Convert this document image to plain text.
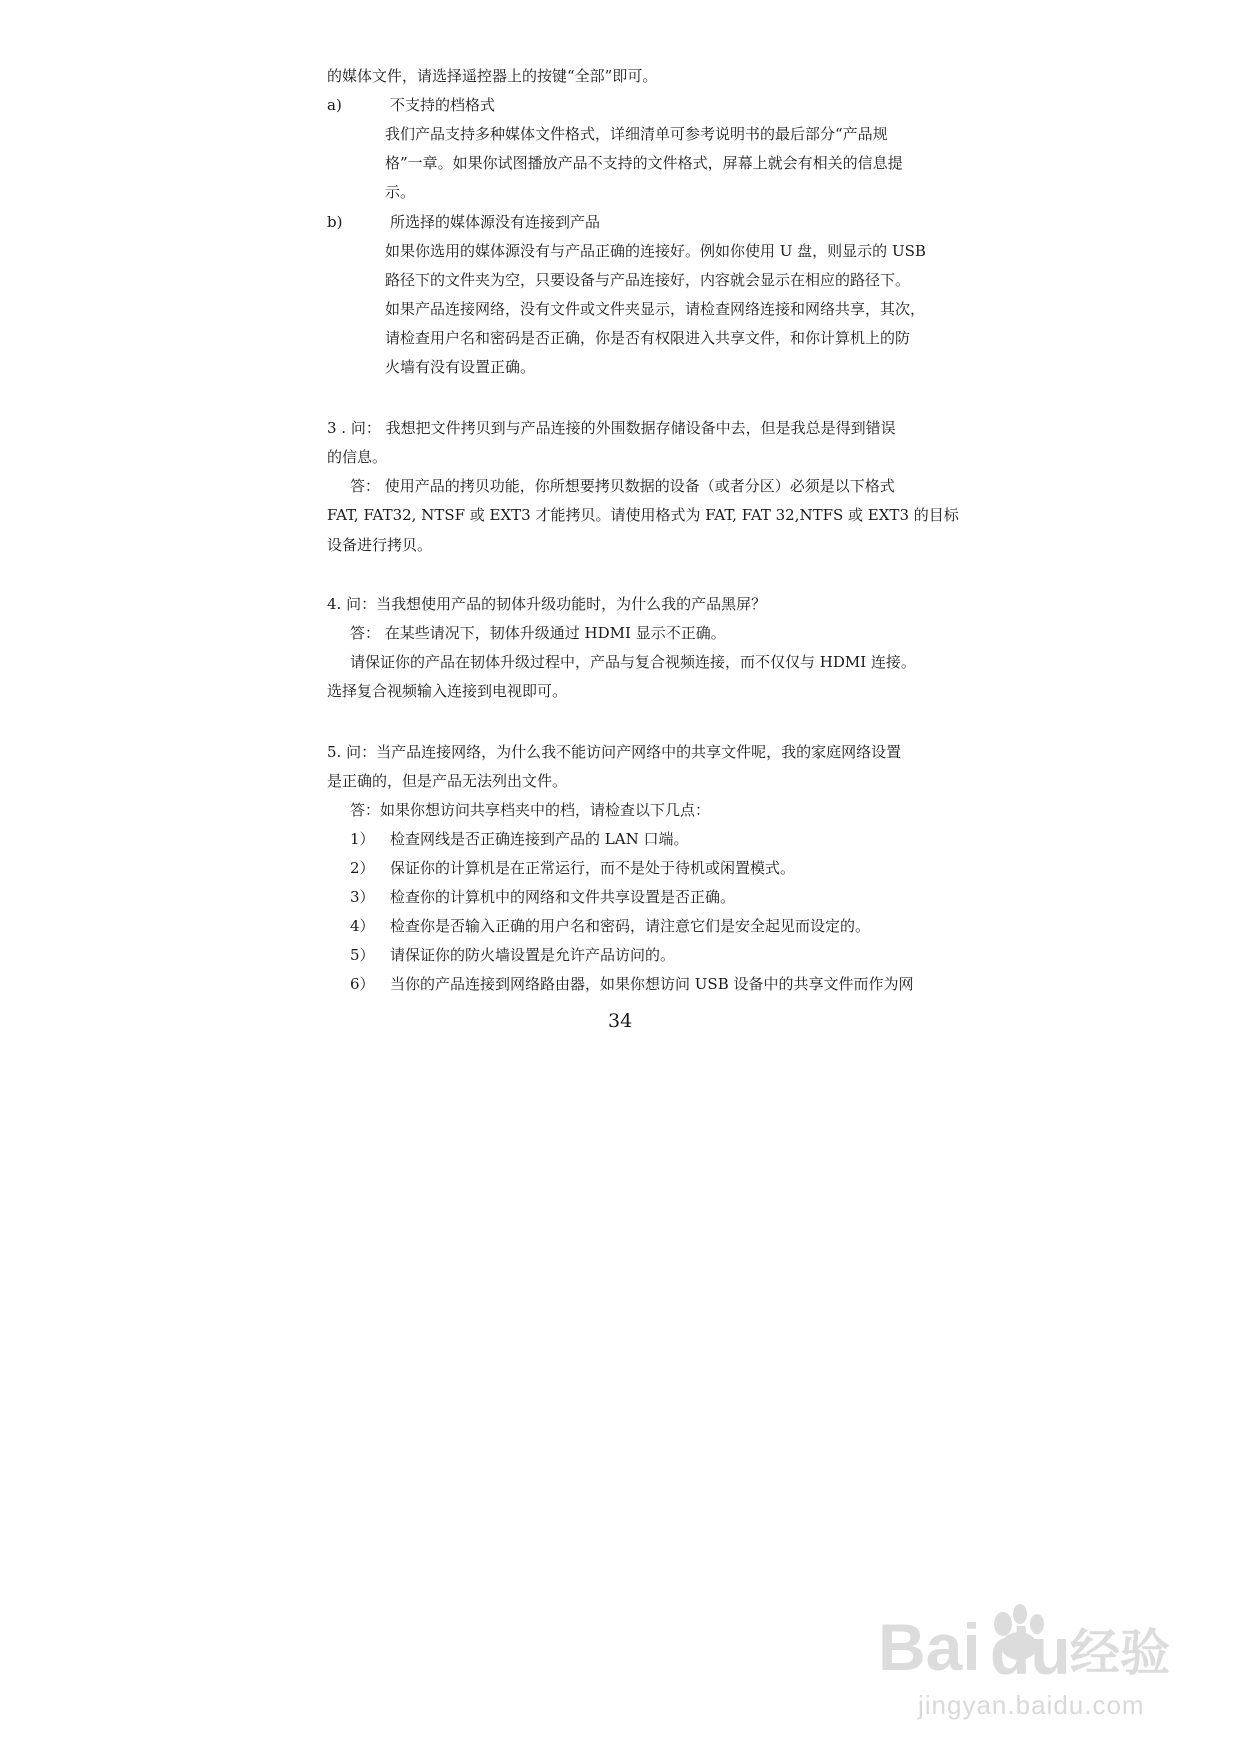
的媒体文件，请选择遥控器上的按键“全部”即可。
a)	不支持的档格式
我们产品支持多种媒体文件格式，详细清单可参考说明书的最后部分“产品规
格”一章。如果你试图播放产品不支持的文件格式，屏幕上就会有相关的信息提
示。
b)	所选择的媒体源没有连接到产品
如果你选用的媒体源没有与产品正确的连接好。例如你使用 U 盘，则显示的 USB
路径下的文件夹为空，只要设备与产品连接好，内容就会显示在相应的路径下。
如果产品连接网络，没有文件或文件夹显示，请检查网络连接和网络共享，其次，
请检查用户名和密码是否正确，你是否有权限进入共享文件，和你计算机上的防
火墙有没有设置正确。
3 . 问： 我想把文件拷贝到与产品连接的外围数据存储设备中去，但是我总是得到错误
的信息。
答： 使用产品的拷贝功能，你所想要拷贝数据的设备（或者分区）必须是以下格式
FAT, FAT32, NTSF 或 EXT3 才能拷贝。请使用格式为 FAT, FAT 32,NTFS 或 EXT3 的目标
设备进行拷贝。
4. 问：当我想使用产品的韧体升级功能时，为什么我的产品黑屏？
答： 在某些请况下，韧体升级通过 HDMI 显示不正确。
请保证你的产品在韧体升级过程中，产品与复合视频连接，而不仅仅与 HDMI 连接。
选择复合视频输入连接到电视即可。
5. 问：当产品连接网络，为什么我不能访问产网络中的共享文件呢，我的家庭网络设置
是正确的，但是产品无法列出文件。
答：如果你想访问共享档夹中的档，请检查以下几点：
1） 检查网线是否正确连接到产品的 LAN 口端。
2） 保证你的计算机是在正常运行，而不是处于待机或闲置模式。
3） 检查你的计算机中的网络和文件共享设置是否正确。
4） 检查你是否输入正确的用户名和密码，请注意它们是安全起见而设定的。
5） 请保证你的防火墙设置是允许产品访问的。
6） 当你的产品连接到网络路由器，如果你想访问 USB 设备中的共享文件而作为网
34
Bai du 经验
jingyan.baidu.com
